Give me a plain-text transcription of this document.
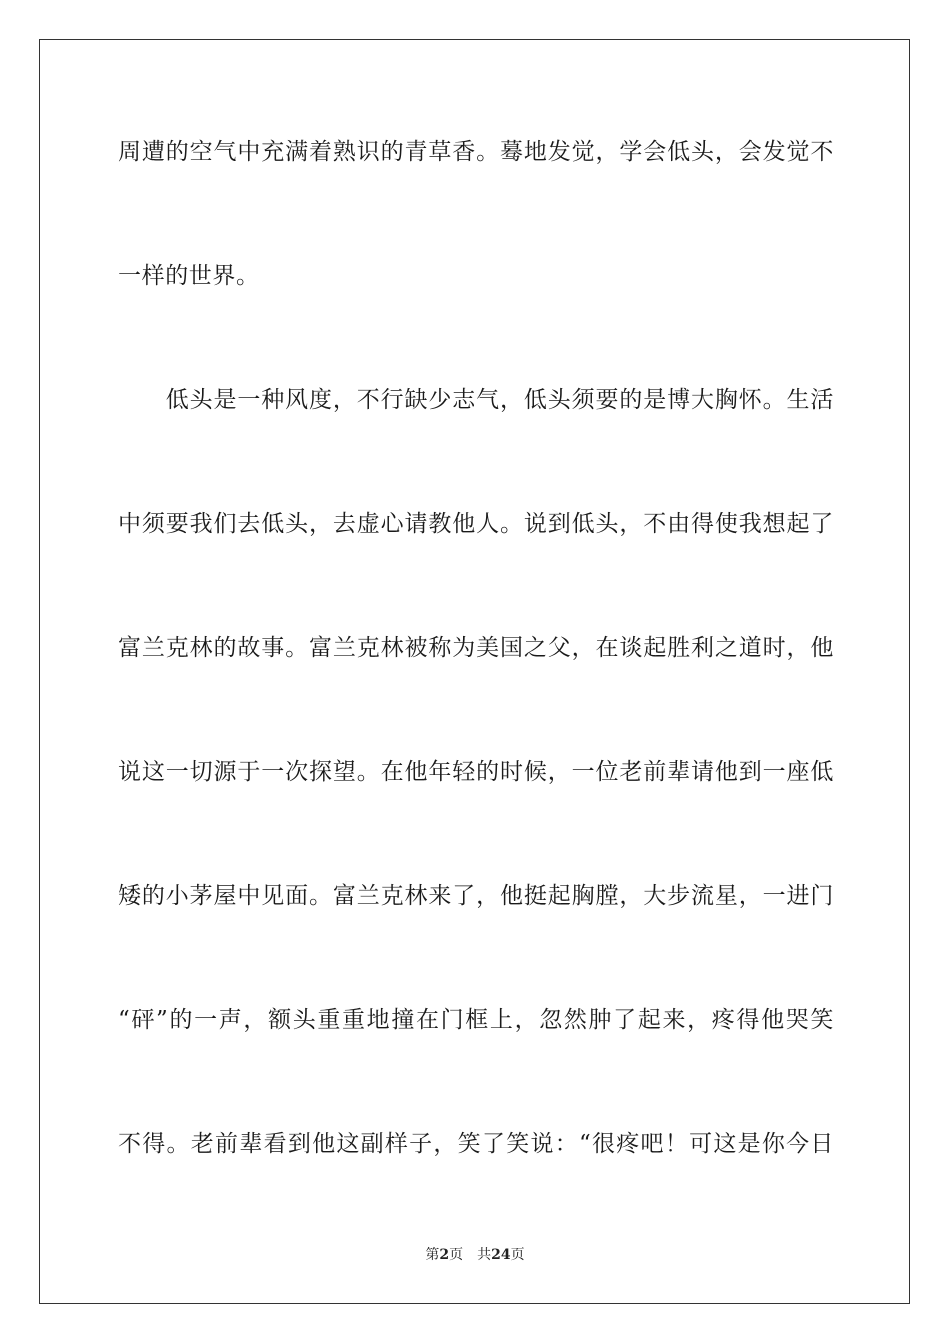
周遭的空气中充满着熟识的青草香。蓦地发觉，学会低头，会发觉不
一样的世界。
　　低头是一种风度，不行缺少志气，低头须要的是博大胸怀。生活
中须要我们去低头，去虚心请教他人。说到低头，不由得使我想起了
富兰克林的故事。富兰克林被称为美国之父，在谈起胜利之道时，他
说这一切源于一次探望。在他年轻的时候，一位老前辈请他到一座低
矮的小茅屋中见面。富兰克林来了，他挺起胸膛，大步流星，一进门
“砰”的一声，额头重重地撞在门框上，忽然肿了起来，疼得他哭笑
不得。老前辈看到他这副样子，笑了笑说：“很疼吧！可这是你今日
第2页 共24页
